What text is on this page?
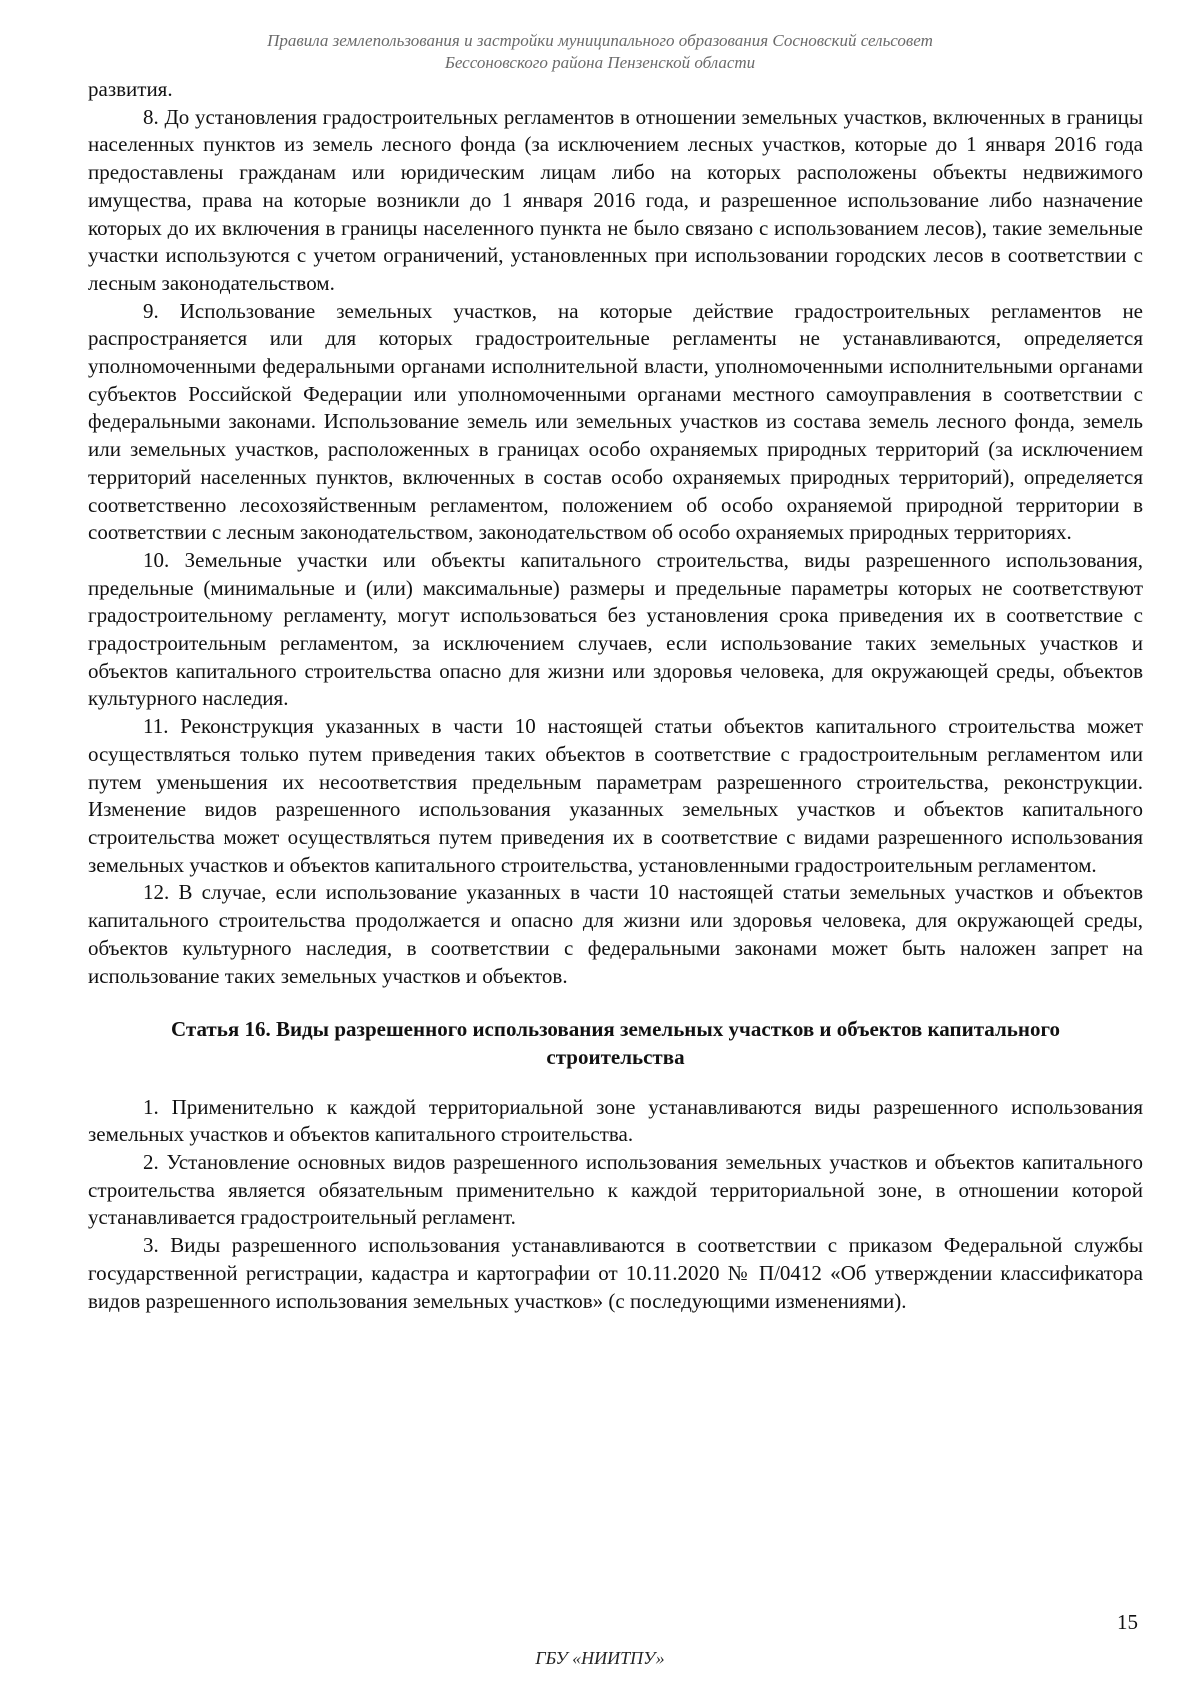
Правила землепользования и застройки муниципального образования Сосновский сельсовет
Бессоновского района Пензенской области

развития.

8. До установления градостроительных регламентов в отношении земельных участков, включенных в границы населенных пунктов из земель лесного фонда (за исключением лесных участков, которые до 1 января 2016 года предоставлены гражданам или юридическим лицам либо на которых расположены объекты недвижимого имущества, права на которые возникли до 1 января 2016 года, и разрешенное использование либо назначение которых до их включения в границы населенного пункта не было связано с использованием лесов), такие земельные участки используются с учетом ограничений, установленных при использовании городских лесов в соответствии с лесным законодательством.

9. Использование земельных участков, на которые действие градостроительных регламентов не распространяется или для которых градостроительные регламенты не устанавливаются, определяется уполномоченными федеральными органами исполнительной власти, уполномоченными исполнительными органами субъектов Российской Федерации или уполномоченными органами местного самоуправления в соответствии с федеральными законами. Использование земель или земельных участков из состава земель лесного фонда, земель или земельных участков, расположенных в границах особо охраняемых природных территорий (за исключением территорий населенных пунктов, включенных в состав особо охраняемых природных территорий), определяется соответственно лесохозяйственным регламентом, положением об особо охраняемой природной территории в соответствии с лесным законодательством, законодательством об особо охраняемых природных территориях.

10. Земельные участки или объекты капитального строительства, виды разрешенного использования, предельные (минимальные и (или) максимальные) размеры и предельные параметры которых не соответствуют градостроительному регламенту, могут использоваться без установления срока приведения их в соответствие с градостроительным регламентом, за исключением случаев, если использование таких земельных участков и объектов капитального строительства опасно для жизни или здоровья человека, для окружающей среды, объектов культурного наследия.

11. Реконструкция указанных в части 10 настоящей статьи объектов капитального строительства может осуществляться только путем приведения таких объектов в соответствие с градостроительным регламентом или путем уменьшения их несоответствия предельным параметрам разрешенного строительства, реконструкции. Изменение видов разрешенного использования указанных земельных участков и объектов капитального строительства может осуществляться путем приведения их в соответствие с видами разрешенного использования земельных участков и объектов капитального строительства, установленными градостроительным регламентом.

12. В случае, если использование указанных в части 10 настоящей статьи земельных участков и объектов капитального строительства продолжается и опасно для жизни или здоровья человека, для окружающей среды, объектов культурного наследия, в соответствии с федеральными законами может быть наложен запрет на использование таких земельных участков и объектов.

Статья 16. Виды разрешенного использования земельных участков и объектов капитального строительства

1. Применительно к каждой территориальной зоне устанавливаются виды разрешенного использования земельных участков и объектов капитального строительства.

2. Установление основных видов разрешенного использования земельных участков и объектов капитального строительства является обязательным применительно к каждой территориальной зоне, в отношении которой устанавливается градостроительный регламент.

3. Виды разрешенного использования устанавливаются в соответствии с приказом Федеральной службы государственной регистрации, кадастра и картографии от 10.11.2020 № П/0412 «Об утверждении классификатора видов разрешенного использования земельных участков» (с последующими изменениями).

15
ГБУ «НИИТПУ»
